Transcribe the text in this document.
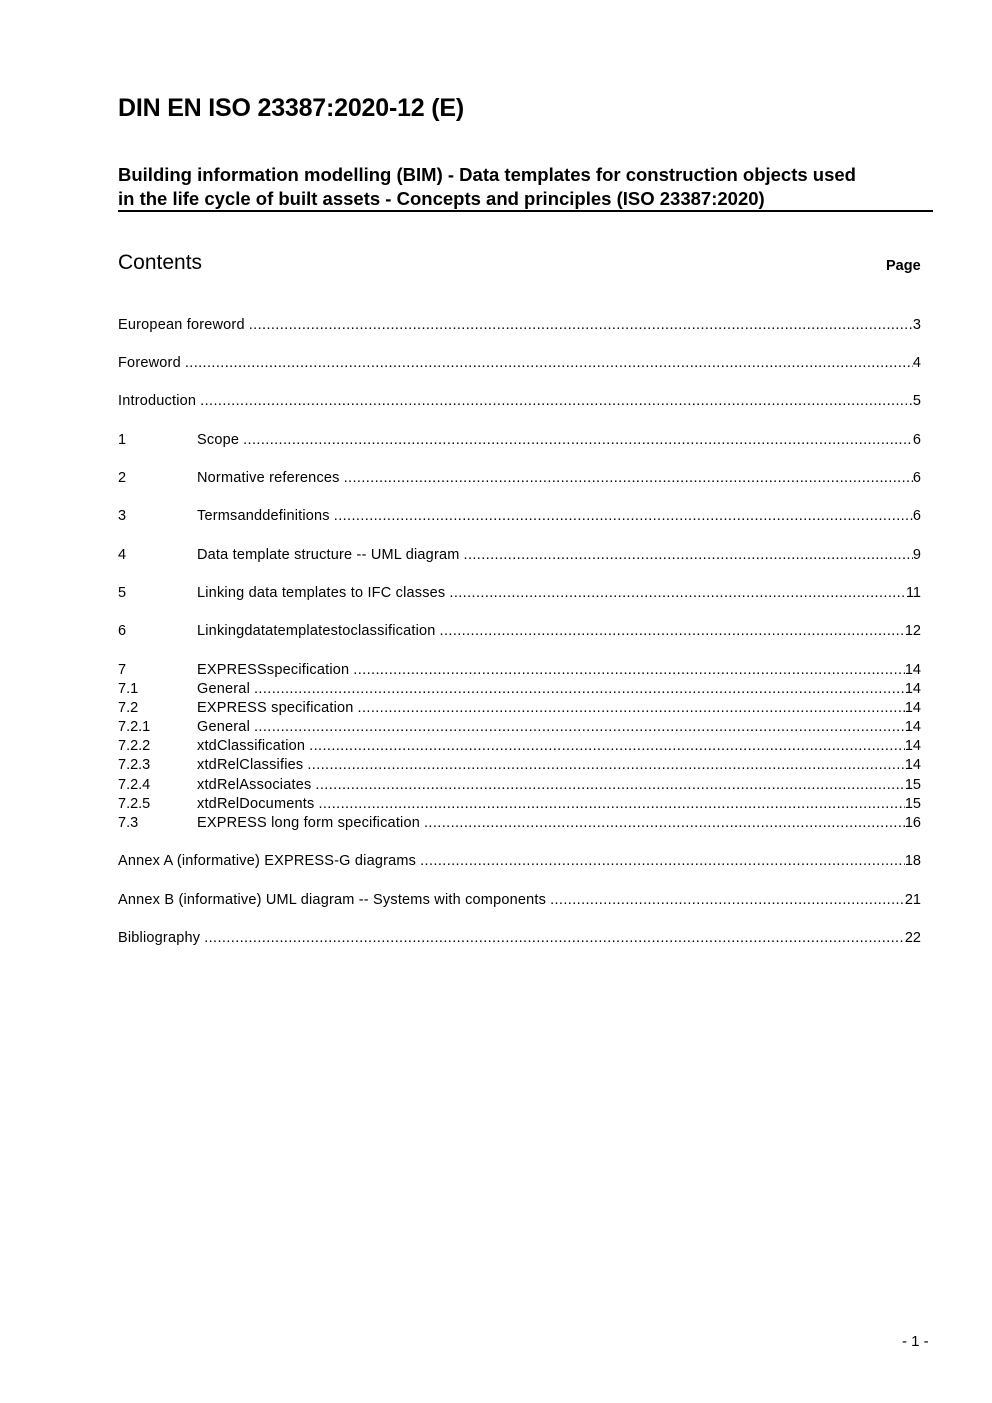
DIN EN ISO 23387:2020-12 (E)
Building information modelling (BIM) - Data templates for construction objects used
in the life cycle of built assets - Concepts and principles (ISO 23387:2020)
Contents	Page
European foreword .....	3
Foreword .....	4
Introduction .....	5
1	Scope .....	6
2	Normative references .....	6
3	Termsanddefinitions .....	6
4	Data template structure -- UML diagram .....	9
5	Linking data templates to IFC classes .....	11
6	Linkingdatatemplatestoclassification .....	12
7	EXPRESSspecification .....	14
7.1	General .....	14
7.2	EXPRESS specification .....	14
7.2.1	General .....	14
7.2.2	xtdClassification .....	14
7.2.3	xtdRelClassifies .....	14
7.2.4	xtdRelAssociates .....	15
7.2.5	xtdRelDocuments .....	15
7.3	EXPRESS long form specification .....	16
Annex A (informative) EXPRESS-G diagrams .....	18
Annex B (informative) UML diagram -- Systems with components .....	21
Bibliography .....	22
- 1 -
